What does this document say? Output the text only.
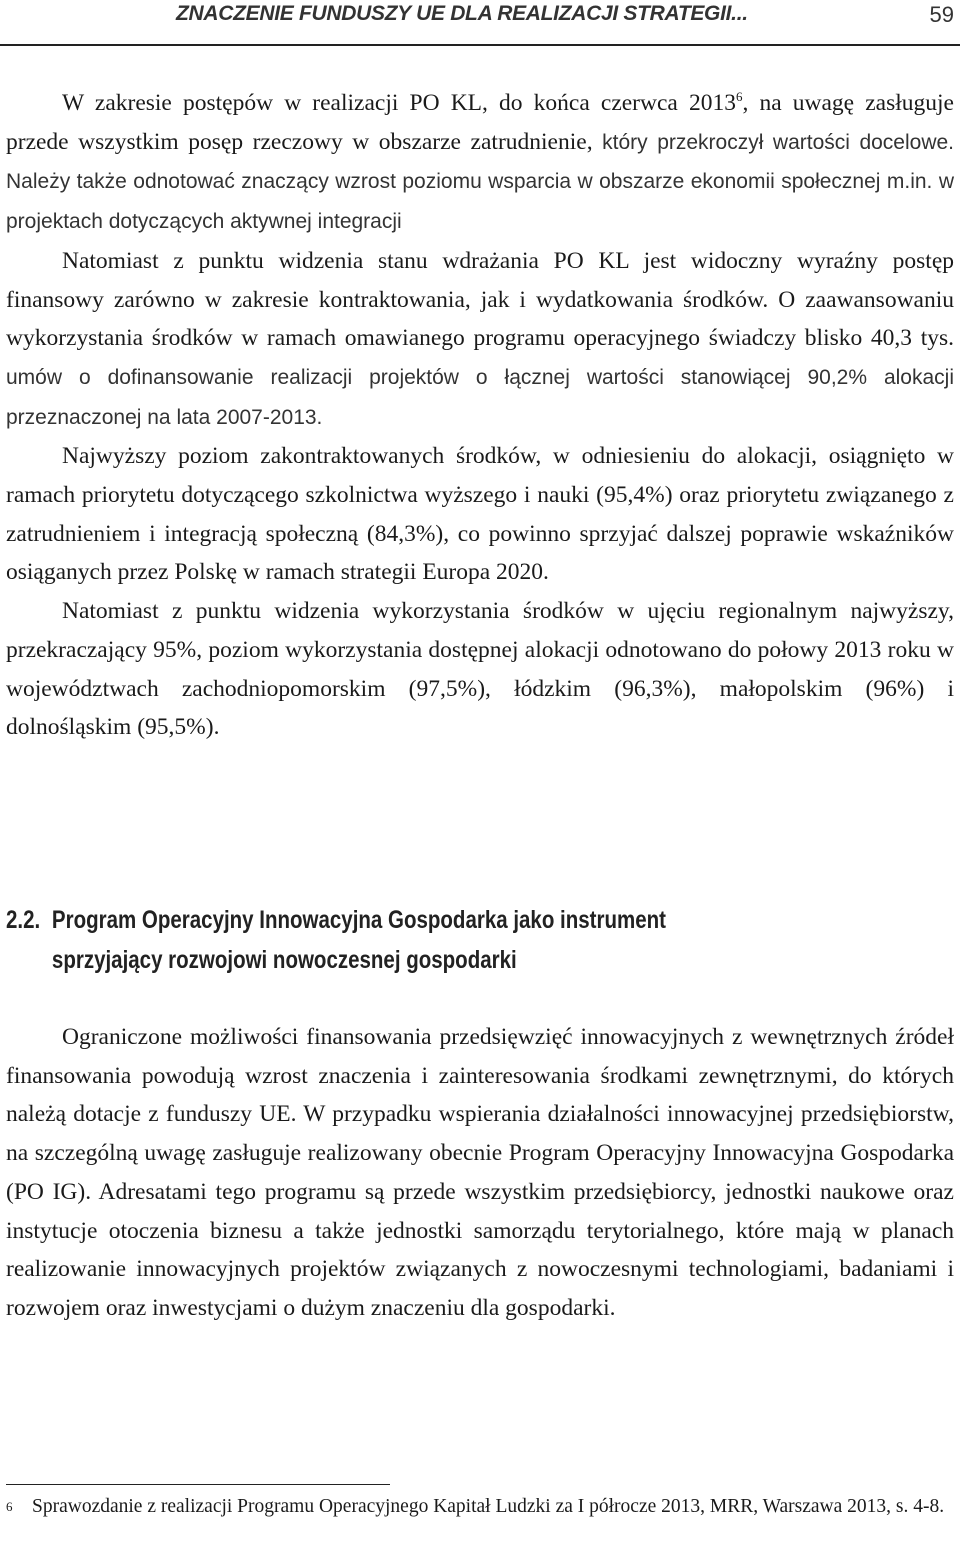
ZNACZENIE FUNDUSZY UE DLA REALIZACJI STRATEGII...	59

W zakresie postępów w realizacji PO KL, do końca czerwca 2013$^6$, na uwagę zasługuje przede wszystkim posęp rzeczowy w obszarze zatrudnienie, który przekroczył wartości docelowe. Należy także odnotować znaczący wzrost poziomu wsparcia w obszarze ekonomii społecznej m.in. w projektach dotyczących aktywnej integracji

Natomiast z punktu widzenia stanu wdrażania PO KL jest widoczny wyraźny postęp finansowy zarówno w zakresie kontraktowania, jak i wydatkowania środków. O zaawansowaniu wykorzystania środków w ramach omawianego programu operacyjnego świadczy blisko 40,3 tys. umów o dofinansowanie realizacji projektów o łącznej wartości stanowiącej 90,2% alokacji przeznaczonej na lata 2007-2013.

Najwyższy poziom zakontraktowanych środków, w odniesieniu do alokacji, osiągnięto w ramach priorytetu dotyczącego szkolnictwa wyższego i nauki (95,4%) oraz priorytetu związanego z zatrudnieniem i integracją społeczną (84,3%), co powinno sprzyjać dalszej poprawie wskaźników osiąganych przez Polskę w ramach strategii Europa 2020.

Natomiast z punktu widzenia wykorzystania środków w ujęciu regionalnym najwyższy, przekraczający 95%, poziom wykorzystania dostępnej alokacji odnotowano do połowy 2013 roku w województwach zachodniopomorskim (97,5%), łódzkim (96,3%), małopolskim (96%) i dolnośląskim (95,5%).

2.2. Program Operacyjny Innowacyjna Gospodarka jako instrument
sprzyjający rozwojowi nowoczesnej gospodarki

Ograniczone możliwości finansowania przedsięwzięć innowacyjnych z wewnętrznych źródeł finansowania powodują wzrost znaczenia i zainteresowania środkami zewnętrznymi, do których należą dotacje z funduszy UE. W przypadku wspierania działalności innowacyjnej przedsiębiorstw, na szczególną uwagę zasługuje realizowany obecnie Program Operacyjny Innowacyjna Gospodarka (PO IG). Adresatami tego programu są przede wszystkim przedsiębiorcy, jednostki naukowe oraz instytucje otoczenia biznesu a także jednostki samorządu terytorialnego, które mają w planach realizowanie innowacyjnych projektów związanych z nowoczesnymi technologiami, badaniami i rozwojem oraz inwestycjami o dużym znaczeniu dla gospodarki.

6 Sprawozdanie z realizacji Programu Operacyjnego Kapitał Ludzki za I półrocze 2013, MRR, Warszawa 2013, s. 4-8.
